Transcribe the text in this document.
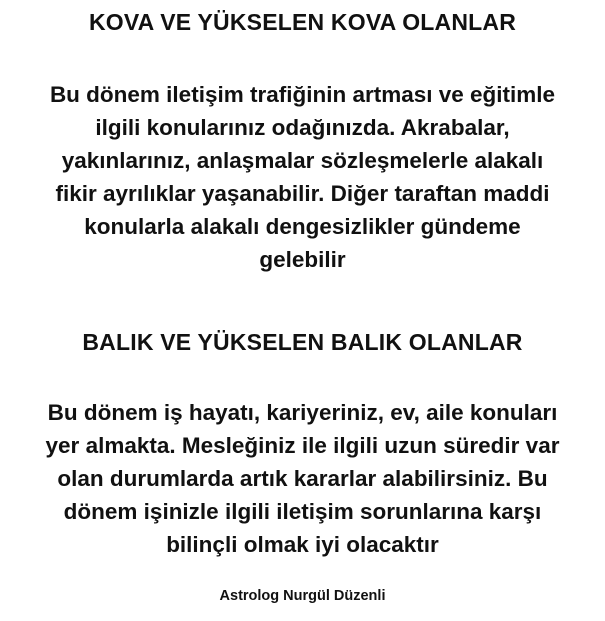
KOVA VE YÜKSELEN KOVA OLANLAR

Bu dönem iletişim trafiğinin artması ve eğitimle
ilgili konularınız odağınızda. Akrabalar,
yakınlarınız, anlaşmalar sözleşmelerle alakalı
fikir ayrılıklar yaşanabilir. Diğer taraftan maddi
konularla alakalı dengesizlikler gündeme
gelebilir

BALIK VE YÜKSELEN BALIK OLANLAR

Bu dönem iş hayatı, kariyeriniz, ev, aile konuları
yer almakta. Mesleğiniz ile ilgili uzun süredir var
olan durumlarda artık kararlar alabilirsiniz. Bu
dönem işinizle ilgili iletişim sorunlarına karşı
bilinçli olmak iyi olacaktır

Astrolog Nurgül Düzenli
